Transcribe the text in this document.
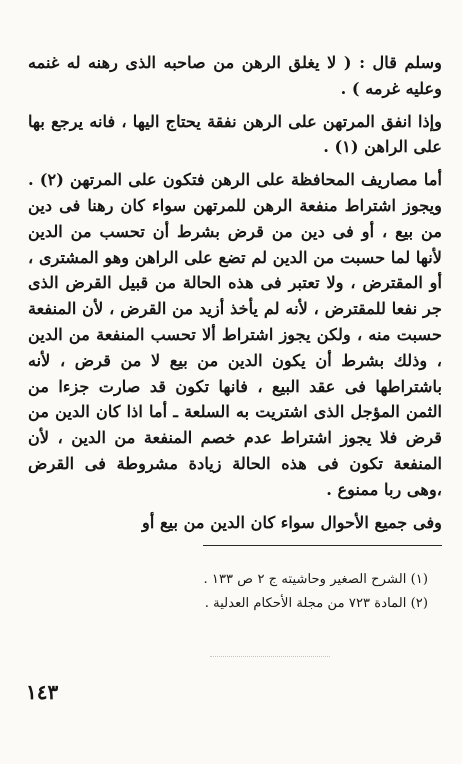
وسلم قال : ( لا يغلق الرهن من صاحبه الذى رهنه له غنمه وعليه غرمه ) .

وإذا انفق المرتهن على الرهن نفقة يحتاج اليها ، فانه يرجع بها على الراهن (١) .

أما مصاريف المحافظة على الرهن فتكون على المرتهن (٢) . ويجوز اشتراط منفعة الرهن للمرتهن سواء كان رهنا فى دين من بيع ، أو فى دين من قرض بشرط أن تحسب من الدين لأنها لما حسبت من الدين لم تضع على الراهن وهو المشترى ، أو المقترض ، ولا تعتبر فى هذه الحالة من قبيل القرض الذى جر نفعا للمقترض ، لأنه لم يأخذ أزيد من القرض ، لأن المنفعة حسبت منه ، ولكن يجوز اشتراط ألا تحسب المنفعة من الدين ، وذلك بشرط أن يكون الدين من بيع لا من قرض ، لأنه باشتراطها فى عقد البيع ، فانها تكون قد صارت جزءا من الثمن المؤجل الذى اشتريت به السلعة ـ أما اذا كان الدين من قرض فلا يجوز اشتراط عدم خصم المنفعة من الدين ، لأن المنفعة تكون فى هذه الحالة زيادة مشروطة فى القرض ،وهى ربا ممنوع .

وفى جميع الأحوال سواء كان الدين من بيع أو

(١) الشرح الصغير وحاشيته ج ٢ ص ١٣٣ .

(٢) المادة ٧٢٣ من مجلة الأحكام العدلية .

١٤٣
